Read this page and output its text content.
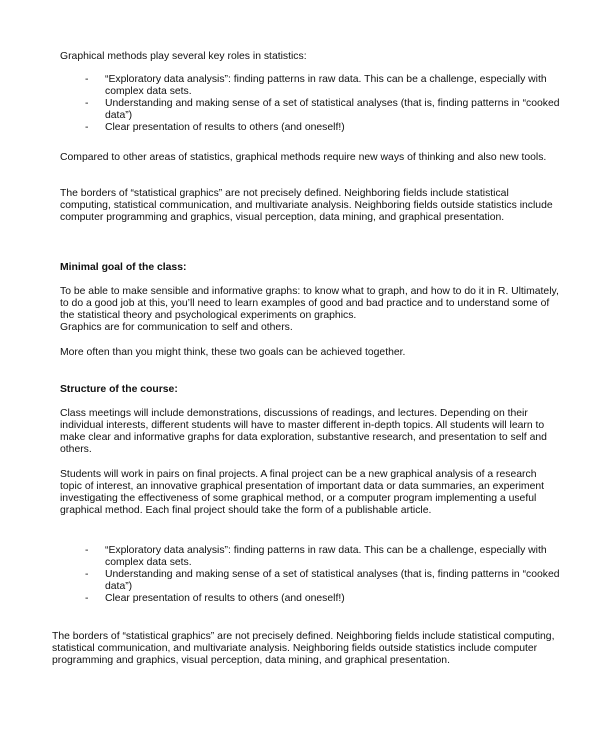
Graphical methods play several key roles in statistics:

- “Exploratory data analysis”: finding patterns in raw data. This can be a challenge, especially with complex data sets.
- Understanding and making sense of a set of statistical analyses (that is, finding patterns in “cooked data”)
- Clear presentation of results to others (and oneself!)

Compared to other areas of statistics, graphical methods require new ways of thinking and also new tools.

The borders of “statistical graphics” are not precisely defined. Neighboring fields include statistical computing, statistical communication, and multivariate analysis. Neighboring fields outside statistics include computer programming and graphics, visual perception, data mining, and graphical presentation.

Minimal goal of the class:

To be able to make sensible and informative graphs: to know what to graph, and how to do it in R. Ultimately, to do a good job at this, you’ll need to learn examples of good and bad practice and to understand some of the statistical theory and psychological experiments on graphics.

Graphics are for communication to self and others.

More often than you might think, these two goals can be achieved together.

Structure of the course:

Class meetings will include demonstrations, discussions of readings, and lectures. Depending on their individual interests, different students will have to master different in-depth topics. All students will learn to make clear and informative graphs for data exploration, substantive research, and presentation to self and others.

Students will work in pairs on final projects. A final project can be a new graphical analysis of a research topic of interest, an innovative graphical presentation of important data or data summaries, an experiment investigating the effectiveness of some graphical method, or a computer program implementing a useful graphical method. Each final project should take the form of a publishable article.

- “Exploratory data analysis”: finding patterns in raw data. This can be a challenge, especially with complex data sets.
- Understanding and making sense of a set of statistical analyses (that is, finding patterns in “cooked data”)
- Clear presentation of results to others (and oneself!)

The borders of “statistical graphics” are not precisely defined. Neighboring fields include statistical computing, statistical communication, and multivariate analysis. Neighboring fields outside statistics include computer programming and graphics, visual perception, data mining, and graphical presentation.
